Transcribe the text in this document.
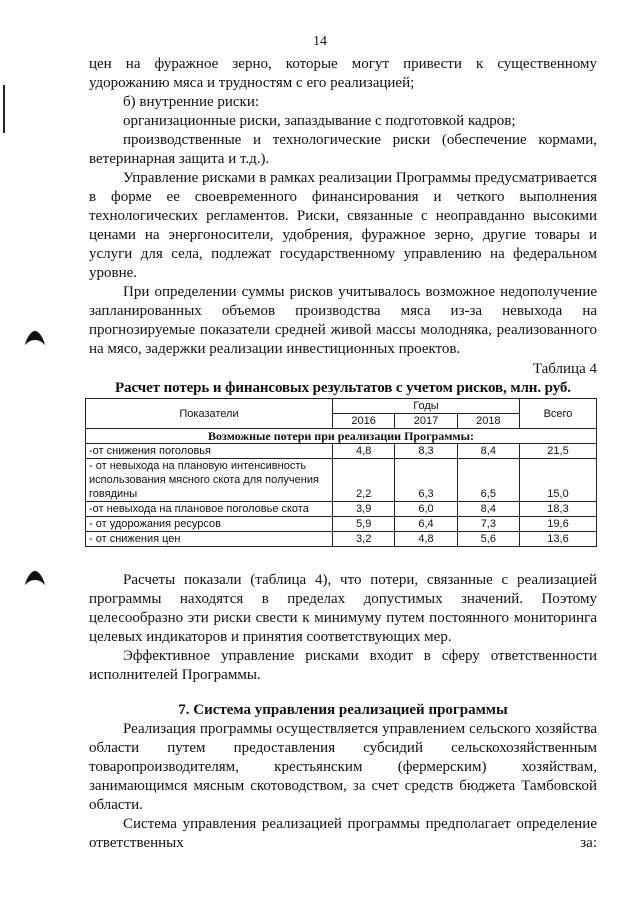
14

цен на фуражное зерно, которые могут привести к существенному удорожанию мяса и трудностям с его реализацией;

б) внутренние риски:

организационные риски, запаздывание с подготовкой кадров;

производственные и технологические риски (обеспечение кормами, ветеринарная защита и т.д.).

Управление рисками в рамках реализации Программы предусматривается в форме ее своевременного финансирования и четкого выполнения технологических регламентов. Риски, связанные с неоправданно высокими ценами на энергоносители, удобрения, фуражное зерно, другие товары и услуги для села, подлежат государственному управлению на федеральном уровне.

При определении суммы рисков учитывалось возможное недополучение запланированных объемов производства мяса из-за невыхода на прогнозируемые показатели средней живой массы молодняка, реализованного на мясо, задержки реализации инвестиционных проектов.

Таблица 4

Расчет потерь и финансовых результатов с учетом рисков, млн. руб.

Показатели	Годы			Всего
	2016	2017	2018	
Возможные потери при реализации Программы:				
-от снижения поголовья	4,8	8,3	8,4	21,5
- от невыхода на плановую интенсивность использования мясного скота для получения говядины	2,2	6,3	6,5	15,0
-от невыхода на плановое поголовье скота	3,9	6,0	8,4	18,3
- от удорожания ресурсов	5,9	6,4	7,3	19,6
- от снижения цен	3,2	4,8	5,6	13,6

Расчеты показали (таблица 4), что потери, связанные с реализацией программы находятся в пределах допустимых значений. Поэтому целесообразно эти риски свести к минимуму путем постоянного мониторинга целевых индикаторов и принятия соответствующих мер.

Эффективное управление рисками входит в сферу ответственности исполнителей Программы.

7. Система управления реализацией программы

Реализация программы осуществляется управлением сельского хозяйства области путем предоставления субсидий сельскохозяйственным товаропроизводителям, крестьянским (фермерским) хозяйствам, занимающимся мясным скотоводством, за счет средств бюджета Тамбовской области.

Система управления реализацией программы предполагает определение ответственных за:
